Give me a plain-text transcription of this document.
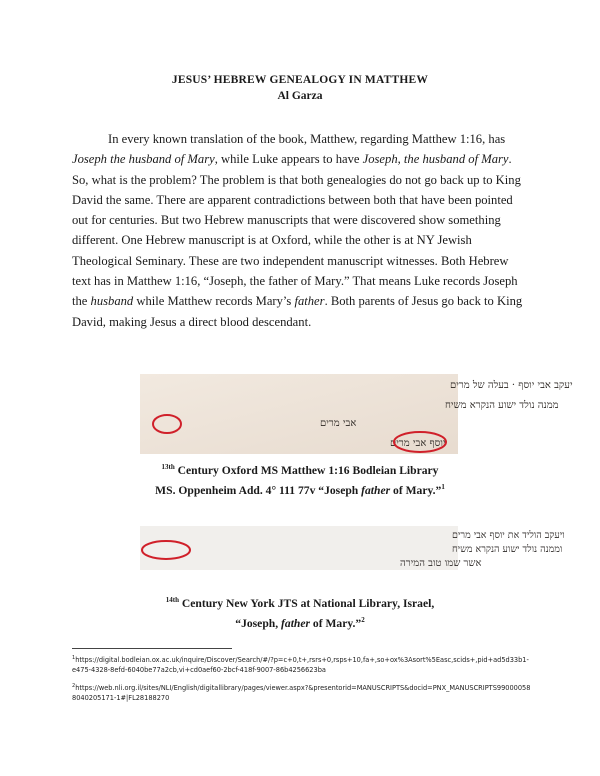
JESUS’ HEBREW GENEALOGY IN MATTHEW
Al Garza

In every known translation of the book, Matthew, regarding Matthew 1:16, has Joseph the husband of Mary, while Luke appears to have Joseph, the husband of Mary. So, what is the problem? The problem is that both genealogies do not go back up to King David the same. There are apparent contradictions between both that have been pointed out for centuries. But two Hebrew manuscripts that were discovered show something different. One Hebrew manuscript is at Oxford, while the other is at NY Jewish Theological Seminary. These are two independent manuscript witnesses. Both Hebrew text has in Matthew 1:16, “Joseph, the father of Mary.” That means Luke records Joseph the husband while Matthew records Mary’s father. Both parents of Jesus go back to King David, making Jesus a direct blood descendant.

יעקב אבי יוסף · בעלה של מרים
ממנה נולד ישוע הנקרא משיח
אבי מרים
יוסף אבי מרים
$^{13th}$ Century Oxford MS Matthew 1:16 Bodleian Library
MS. Oppenheim Add. 4° 111 77v “Joseph father of Mary.”$^1$
ויעקב הוליד את יוסף אבי מרים
וממנה נולד ישוע הנקרא משיח
אשר שמו טוב המירה
$^{14th}$ Century New York JTS at National Library, Israel,
“Joseph, father of Mary.”$^2$
$^1$https://digital.bodleian.ox.ac.uk/inquire/Discover/Search/#/?p=c+0,t+,rsrs+0,rsps+10,fa+,so+ox%3Asort%5Easc,scids+,pid+ad5d33b1-e475-4328-8efd-6040be77a2cb,vi+cd0aef60-2bcf-418f-9007-86b4256623ba
$^2$https://web.nli.org.il/sites/NLI/English/digitallibrary/pages/viewer.aspx?&presentorid=MANUSCRIPTS&docid=PNX_MANUSCRIPTS990000588040205171-1#|FL28188270
